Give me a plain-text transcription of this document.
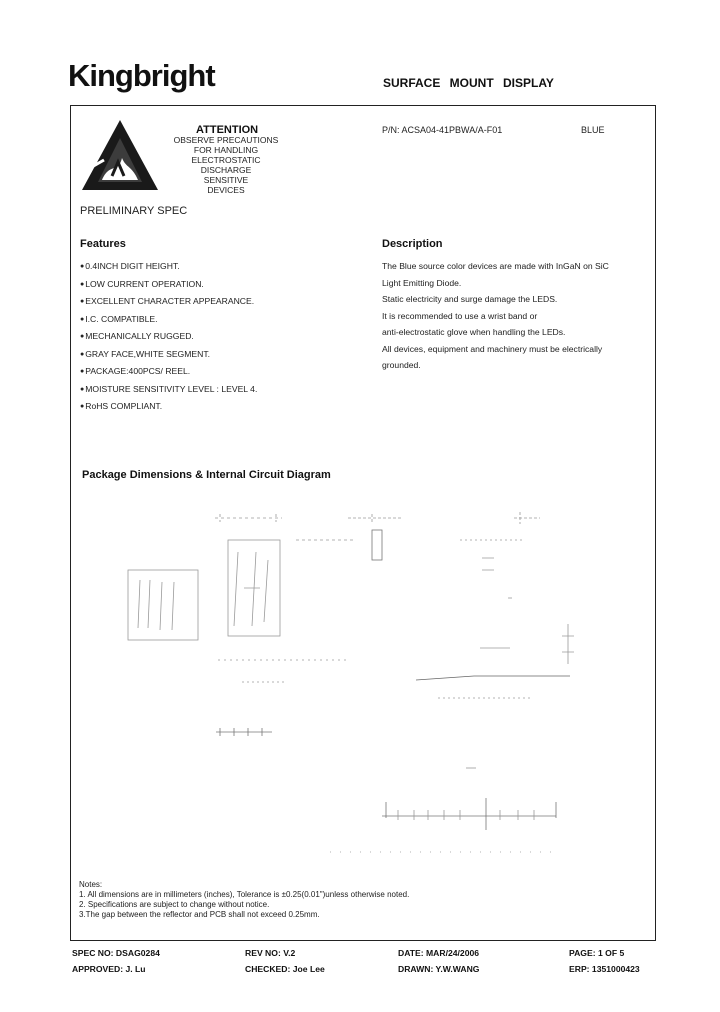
Kingbright	SURFACE MOUNT DISPLAY
ATTENTION
OBSERVE PRECAUTIONS
FOR HANDLING
ELECTROSTATIC
DISCHARGE
SENSITIVE
DEVICES
P/N: ACSA04-41PBWA/A-F01	BLUE
PRELIMINARY SPEC
Features
● 0.4INCH DIGIT HEIGHT.
● LOW CURRENT OPERATION.
● EXCELLENT CHARACTER APPEARANCE.
● I.C. COMPATIBLE.
● MECHANICALLY RUGGED.
● GRAY FACE,WHITE SEGMENT.
● PACKAGE:400PCS/ REEL.
● MOISTURE SENSITIVITY LEVEL : LEVEL 4.
● RoHS COMPLIANT.
Description
The Blue source color devices are made with InGaN on SiC
Light Emitting Diode.
Static electricity and surge damage the LEDS.
It is recommended to use a wrist band or
anti-electrostatic glove when handling the LEDs.
All devices, equipment and machinery must be electrically
grounded.
Package Dimensions & Internal Circuit Diagram
Notes:
1. All dimensions are in millimeters (inches), Tolerance is ±0.25(0.01")unless otherwise noted.
2. Specifications are subject to change without notice.
3.The gap between the reflector and PCB shall not exceed 0.25mm.
SPEC NO: DSAG0284	REV NO: V.2	DATE: MAR/24/2006	PAGE: 1 OF 5
APPROVED: J. Lu	CHECKED: Joe Lee	DRAWN: Y.W.WANG	ERP: 1351000423
